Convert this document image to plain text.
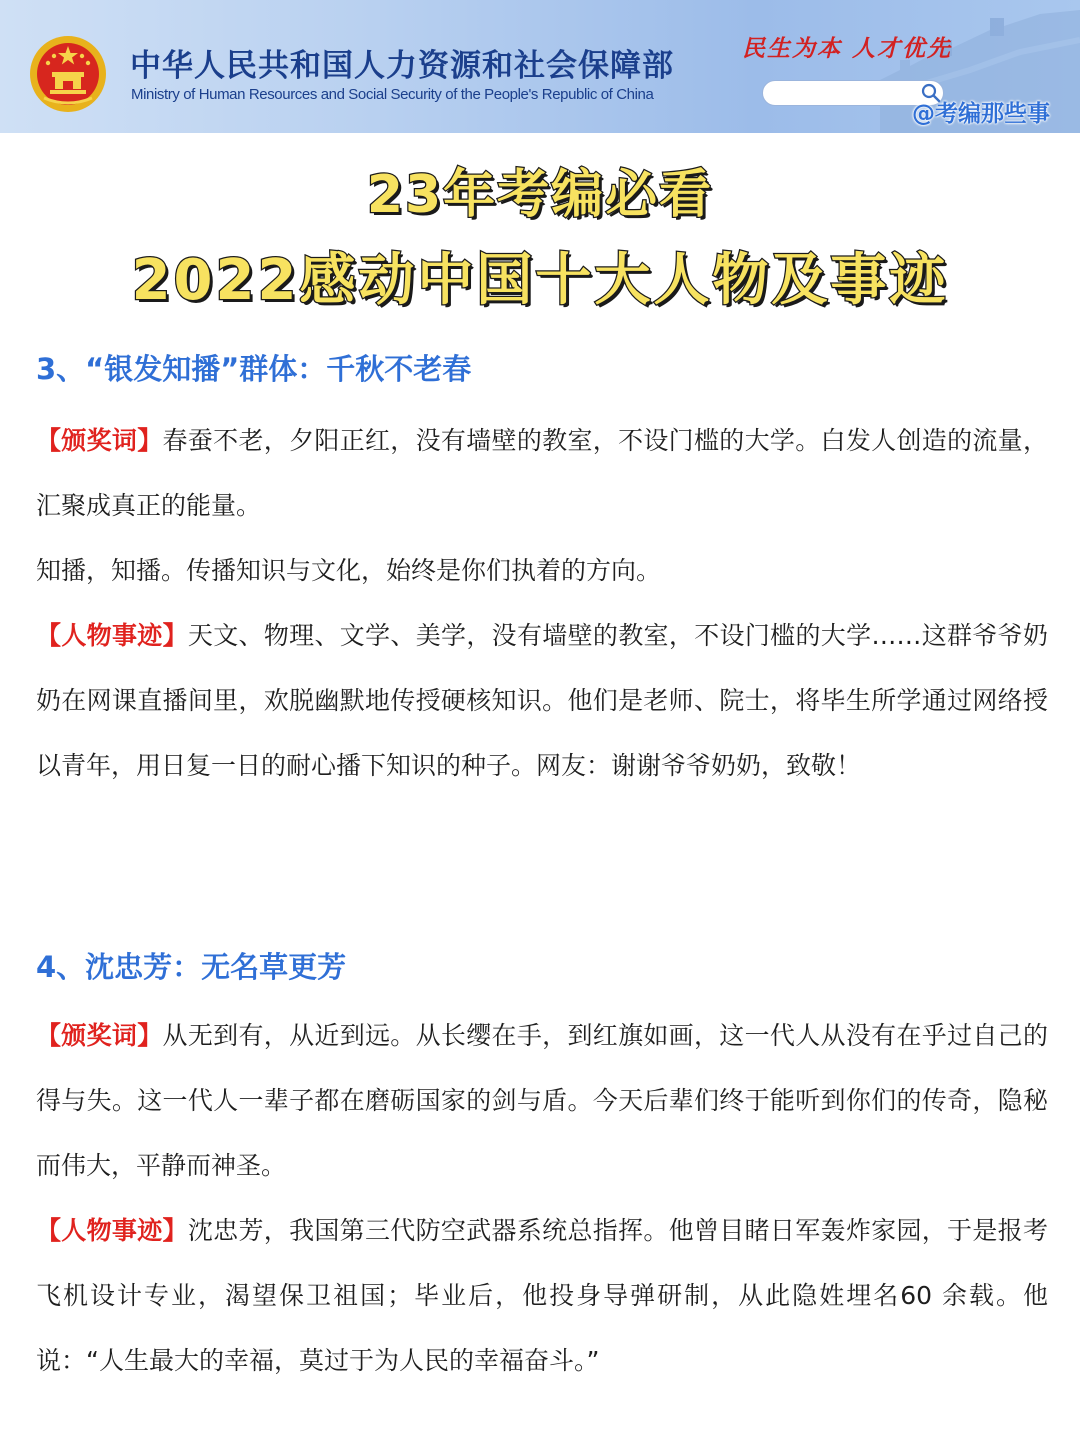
中华人民共和国人力资源和社会保障部
Ministry of Human Resources and Social Security of the People's Republic of China
民生为本 人才优先
@考编那些事
23年考编必看
2022感动中国十大人物及事迹
3、“银发知播”群体：千秋不老春
【颁奖词】春蚕不老，夕阳正红，没有墙壁的教室，不设门槛的大学。白发人创造的流量，汇聚成真正的能量。
知播，知播。传播知识与文化，始终是你们执着的方向。
【人物事迹】天文、物理、文学、美学，没有墙壁的教室，不设门槛的大学……这群爷爷奶奶在网课直播间里，欢脱幽默地传授硬核知识。他们是老师、院士，将毕生所学通过网络授以青年，用日复一日的耐心播下知识的种子。网友：谢谢爷爷奶奶，致敬！
4、沈忠芳：无名草更芳
【颁奖词】从无到有，从近到远。从长缨在手，到红旗如画，这一代人从没有在乎过自己的得与失。这一代人一辈子都在磨砺国家的剑与盾。今天后辈们终于能听到你们的传奇，隐秘而伟大，平静而神圣。
【人物事迹】沈忠芳，我国第三代防空武器系统总指挥。他曾目睹日军轰炸家园，于是报考飞机设计专业，渴望保卫祖国；毕业后，他投身导弹研制，从此隐姓埋名60 余载。他说：“人生最大的幸福，莫过于为人民的幸福奋斗。”
